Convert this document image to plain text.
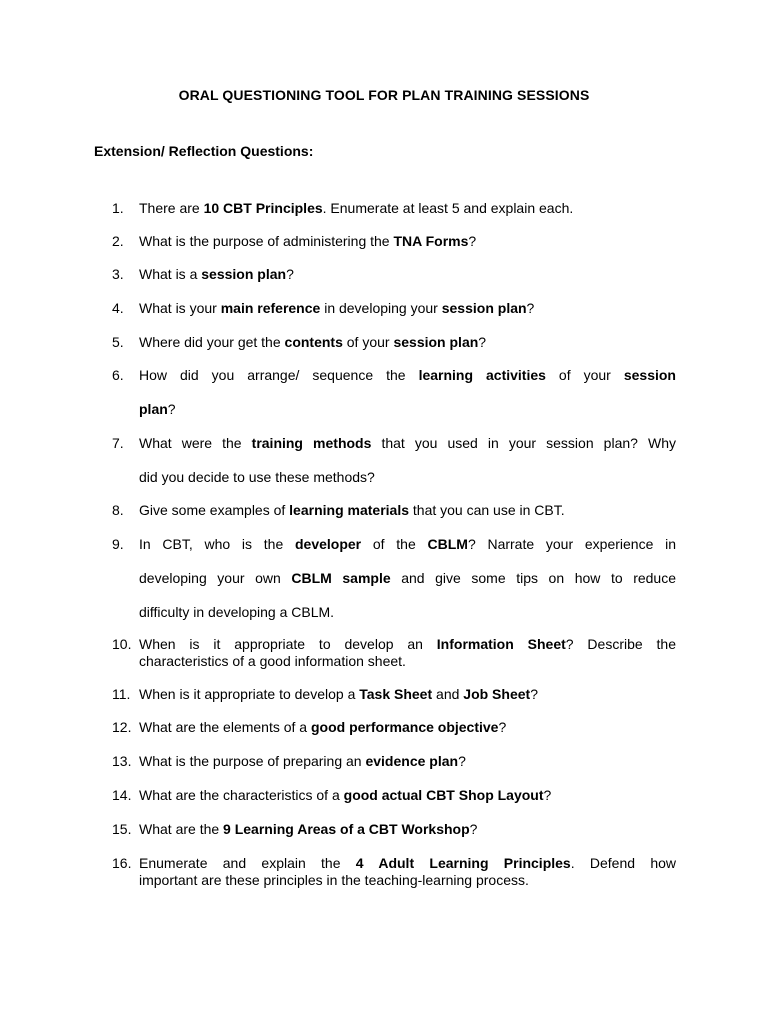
ORAL QUESTIONING TOOL FOR PLAN TRAINING SESSIONS
Extension/ Reflection Questions:
1. There are 10 CBT Principles. Enumerate at least 5 and explain each.
2. What is the purpose of administering the TNA Forms?
3. What is a session plan?
4. What is your main reference in developing your session plan?
5. Where did your get the contents of your session plan?
6. How did you arrange/ sequence the learning activities of your session
plan?
7. What were the training methods that you used in your session plan? Why
did you decide to use these methods?
8. Give some examples of learning materials that you can use in CBT.
9. In CBT, who is the developer of the CBLM? Narrate your experience in
developing your own CBLM sample and give some tips on how to reduce
difficulty in developing a CBLM.
10. When is it appropriate to develop an Information Sheet? Describe the
characteristics of a good information sheet.
11. When is it appropriate to develop a Task Sheet and Job Sheet?
12. What are the elements of a good performance objective?
13. What is the purpose of preparing an evidence plan?
14. What are the characteristics of a good actual CBT Shop Layout?
15. What are the 9 Learning Areas of a CBT Workshop?
16. Enumerate and explain the 4 Adult Learning Principles. Defend how
important are these principles in the teaching-learning process.
